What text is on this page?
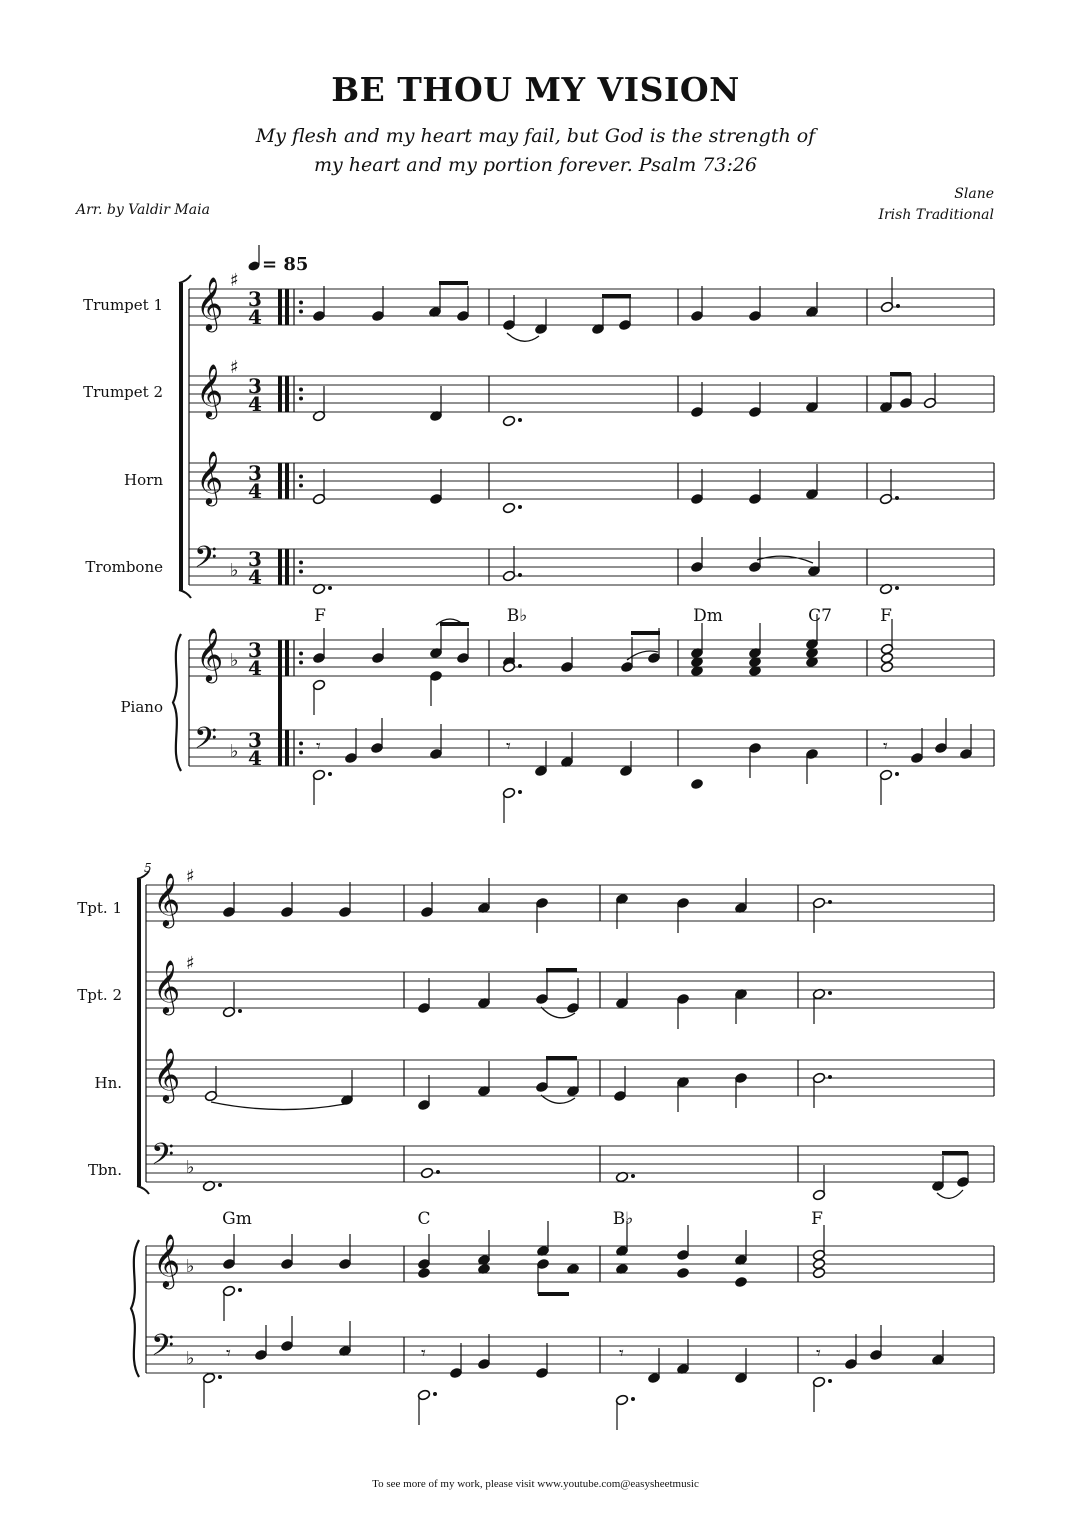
BE THOU MY VISION
My flesh and my heart may fail, but God is the strength of
my heart and my portion forever. Psalm 73:26
Arr. by Valdir Maia
Slane
Irish Traditional
Trumpet 1
Trumpet 2
Horn
Trombone
Piano
𝄞 ♯
3
4
𝄞 ♯
3
4
𝄞 3
4
𝄢 ♭ 3
4
𝄞 ♭ 3
4
𝄢 ♭ 3
4
= 85
F	B♭	Dm	C7	F
𝄾	𝄾	𝄾
Tpt. 1
Tpt. 2
Hn.
Tbn.
5
𝄞 ♯
𝄞 ♯
𝄞
𝄢 ♭
𝄞 ♭
𝄢 ♭
Gm	C	B♭	F
𝄾	𝄾	𝄾	𝄾
To see more of my work, please visit www.youtube.com@easysheetmusic
